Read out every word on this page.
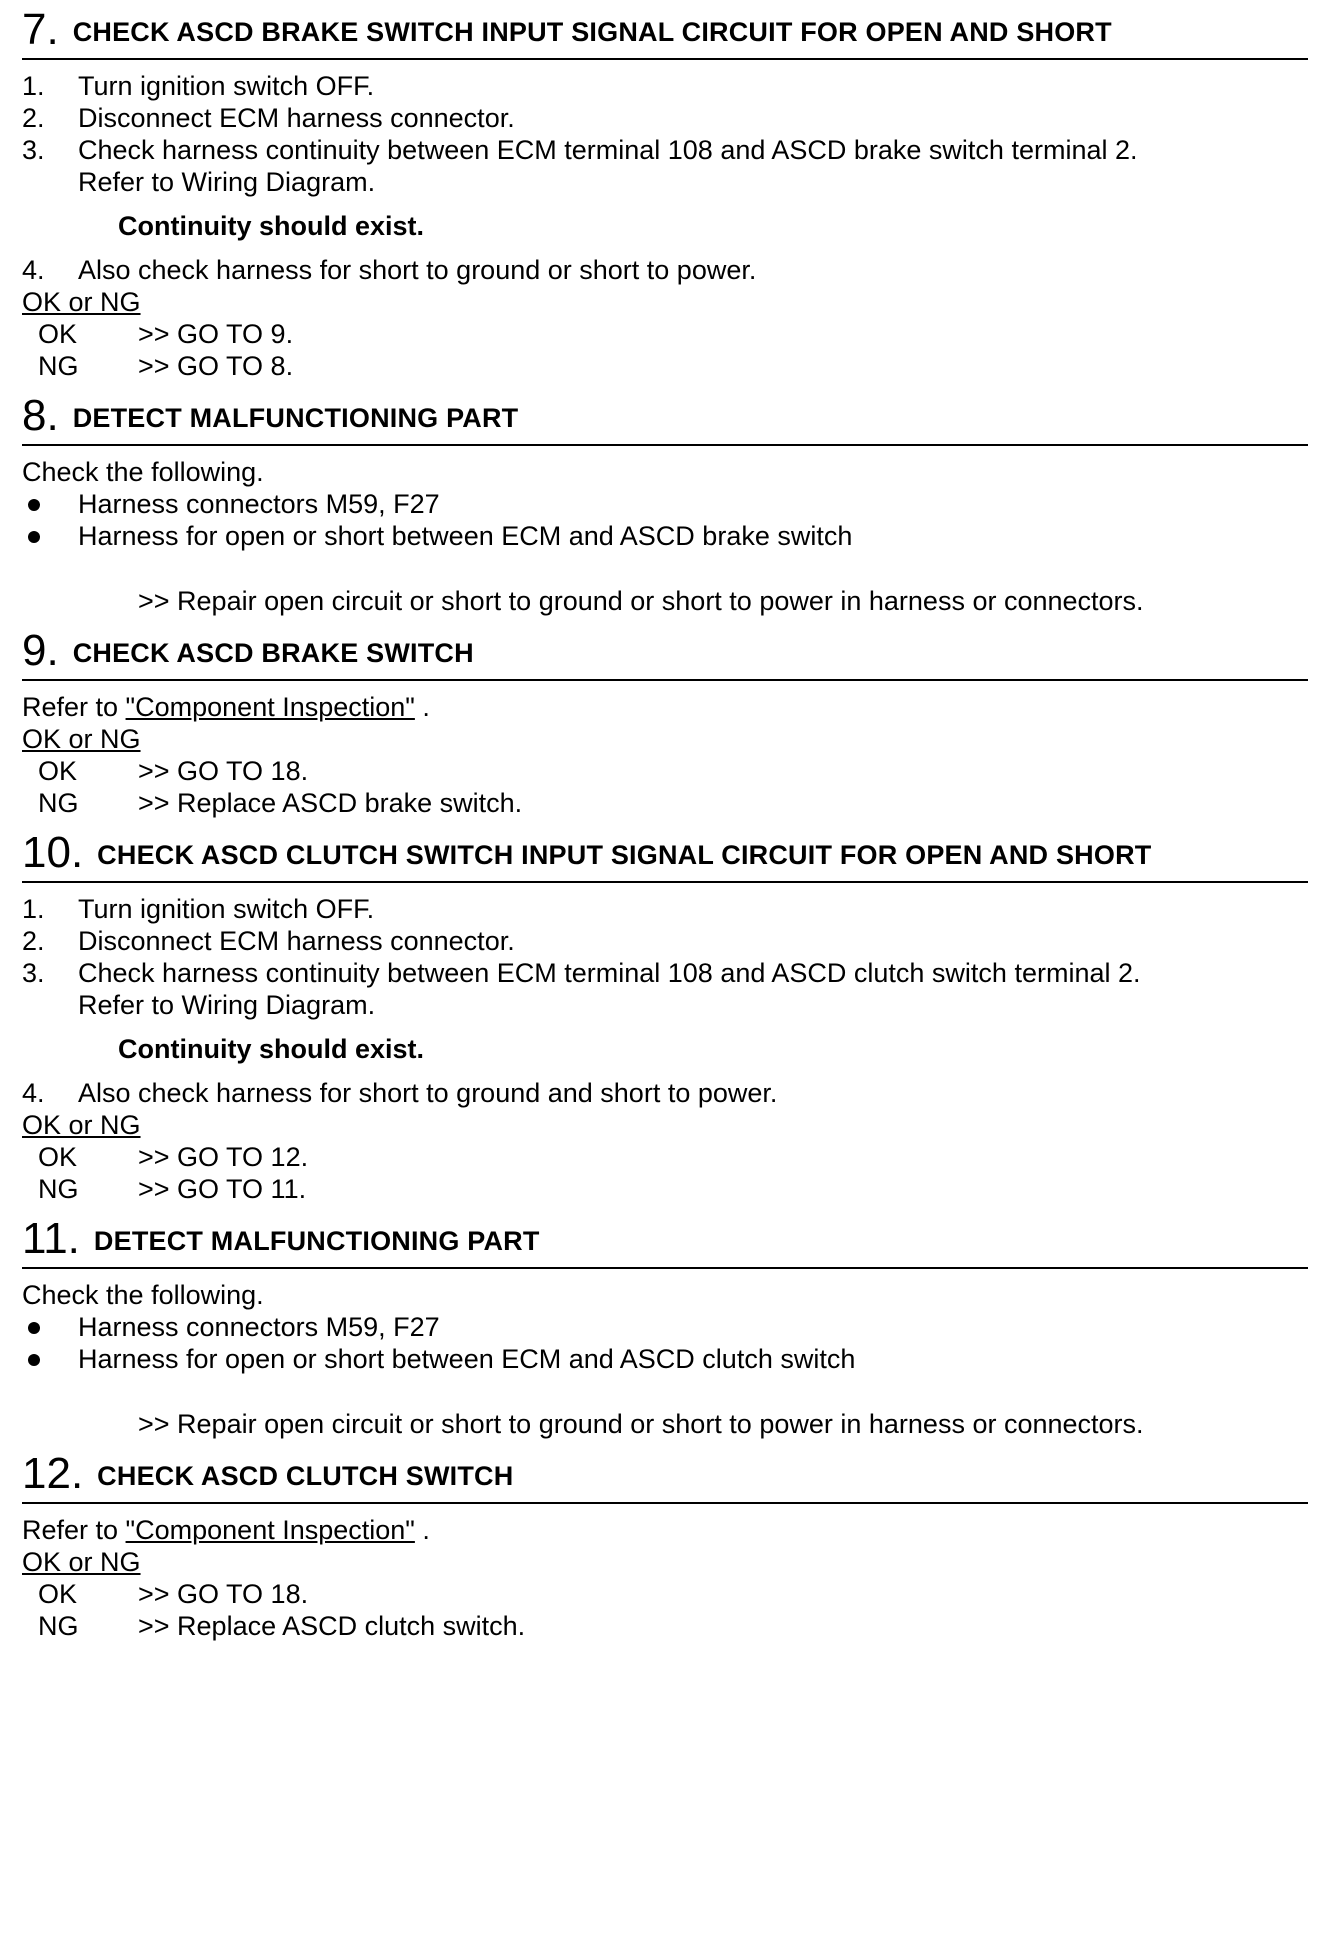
7. CHECK ASCD BRAKE SWITCH INPUT SIGNAL CIRCUIT FOR OPEN AND SHORT
1.	Turn ignition switch OFF.
2.	Disconnect ECM harness connector.
3.	Check harness continuity between ECM terminal 108 and ASCD brake switch terminal 2.
Refer to Wiring Diagram.
Continuity should exist.
4.	Also check harness for short to ground or short to power.
OK or NG
OK	>> GO TO 9.
NG	>> GO TO 8.
8. DETECT MALFUNCTIONING PART
Check the following.
Harness connectors M59, F27
Harness for open or short between ECM and ASCD brake switch
>> Repair open circuit or short to ground or short to power in harness or connectors.
9. CHECK ASCD BRAKE SWITCH
Refer to "Component Inspection" .
OK or NG
OK	>> GO TO 18.
NG	>> Replace ASCD brake switch.
10. CHECK ASCD CLUTCH SWITCH INPUT SIGNAL CIRCUIT FOR OPEN AND SHORT
1.	Turn ignition switch OFF.
2.	Disconnect ECM harness connector.
3.	Check harness continuity between ECM terminal 108 and ASCD clutch switch terminal 2.
Refer to Wiring Diagram.
Continuity should exist.
4.	Also check harness for short to ground and short to power.
OK or NG
OK	>> GO TO 12.
NG	>> GO TO 11.
11. DETECT MALFUNCTIONING PART
Check the following.
Harness connectors M59, F27
Harness for open or short between ECM and ASCD clutch switch
>> Repair open circuit or short to ground or short to power in harness or connectors.
12. CHECK ASCD CLUTCH SWITCH
Refer to "Component Inspection" .
OK or NG
OK	>> GO TO 18.
NG	>> Replace ASCD clutch switch.
